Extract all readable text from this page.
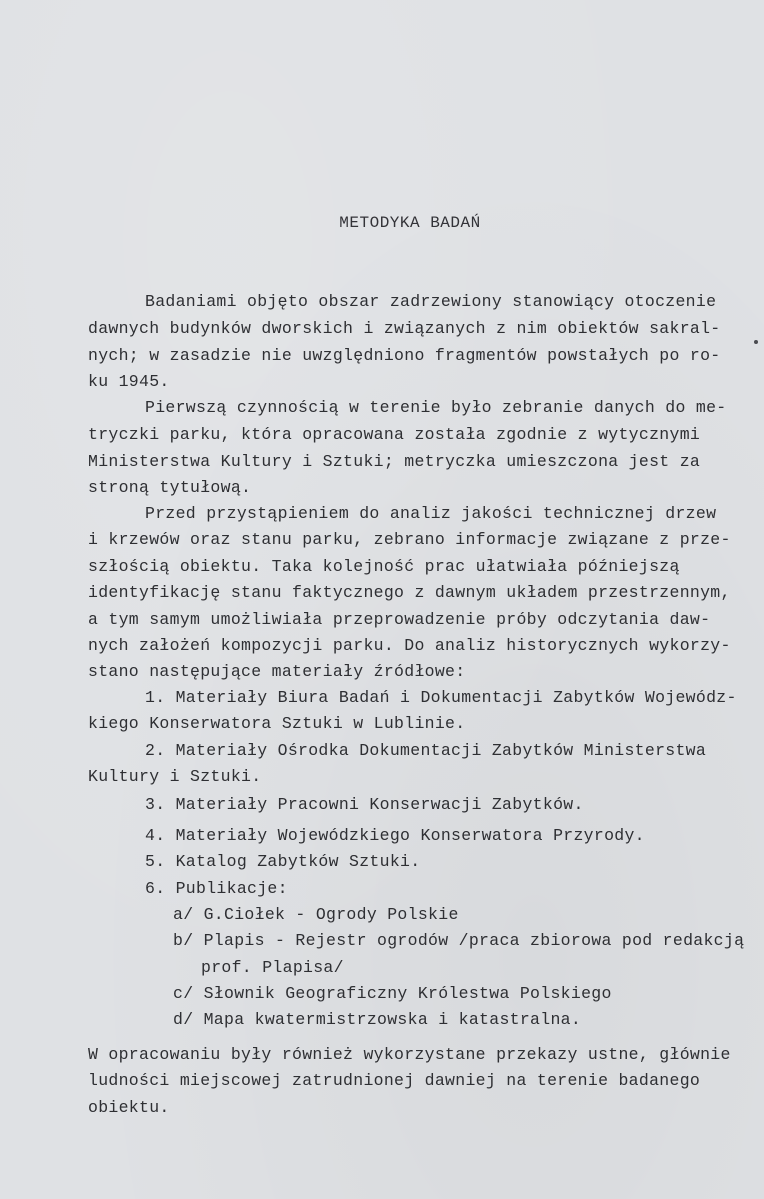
METODYKA BADAŃ
Badaniami objęto obszar zadrzewiony stanowiący otoczenie
dawnych budynków dworskich i związanych z nim obiektów sakral-
nych; w zasadzie nie uwzględniono fragmentów powstałych po ro-
ku 1945.
Pierwszą czynnością w terenie było zebranie danych do me-
tryczki parku, która opracowana została zgodnie z wytycznymi
Ministerstwa Kultury i Sztuki; metryczka umieszczona jest za
stroną tytułową.
Przed przystąpieniem do analiz jakości technicznej drzew
i krzewów oraz stanu parku, zebrano informacje związane z prze-
szłością obiektu. Taka kolejność prac ułatwiała późniejszą
identyfikację stanu faktycznego z dawnym układem przestrzennym,
a tym samym umożliwiała przeprowadzenie próby odczytania daw-
nych założeń kompozycji parku. Do analiz historycznych wykorzy-
stano następujące materiały źródłowe:
1. Materiały Biura Badań i Dokumentacji Zabytków Wojewódz-
kiego Konserwatora Sztuki w Lublinie.
2. Materiały Ośrodka Dokumentacji Zabytków Ministerstwa
Kultury i Sztuki.
3. Materiały Pracowni Konserwacji Zabytków.
4. Materiały Wojewódzkiego Konserwatora Przyrody.
5. Katalog Zabytków Sztuki.
6. Publikacje:
a/ G.Ciołek - Ogrody Polskie
b/ Plapis - Rejestr ogrodów /praca zbiorowa pod redakcją
prof. Plapisa/
c/ Słownik Geograficzny Królestwa Polskiego
d/ Mapa kwatermistrzowska i katastralna.
W opracowaniu były również wykorzystane przekazy ustne, głównie
ludności miejscowej zatrudnionej dawniej na terenie badanego
obiektu.
